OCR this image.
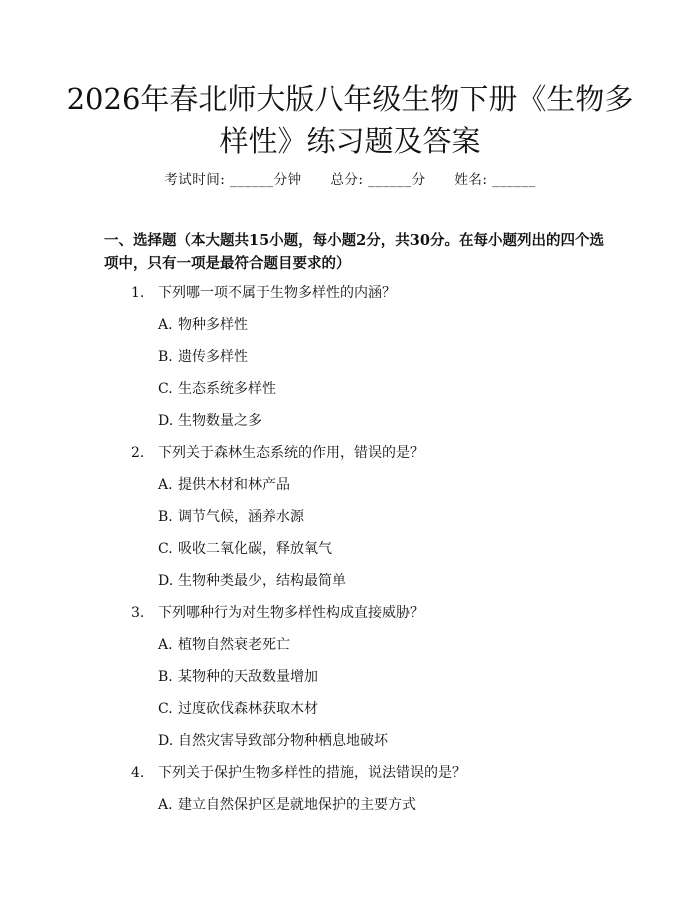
2026年春北师大版八年级生物下册《生物多样性》练习题及答案
考试时间: ______分钟      总分: ______分      姓名: ______
一、选择题（本大题共15小题，每小题2分，共30分。在每小题列出的四个选项中，只有一项是最符合题目要求的）
1. 下列哪一项不属于生物多样性的内涵？
A. 物种多样性
B. 遗传多样性
C. 生态系统多样性
D. 生物数量之多
2. 下列关于森林生态系统的作用，错误的是？
A. 提供木材和林产品
B. 调节气候，涵养水源
C. 吸收二氧化碳，释放氧气
D. 生物种类最少，结构最简单
3. 下列哪种行为对生物多样性构成直接威胁？
A. 植物自然衰老死亡
B. 某物种的天敌数量增加
C. 过度砍伐森林获取木材
D. 自然灾害导致部分物种栖息地破坏
4. 下列关于保护生物多样性的措施，说法错误的是？
A. 建立自然保护区是就地保护的主要方式
